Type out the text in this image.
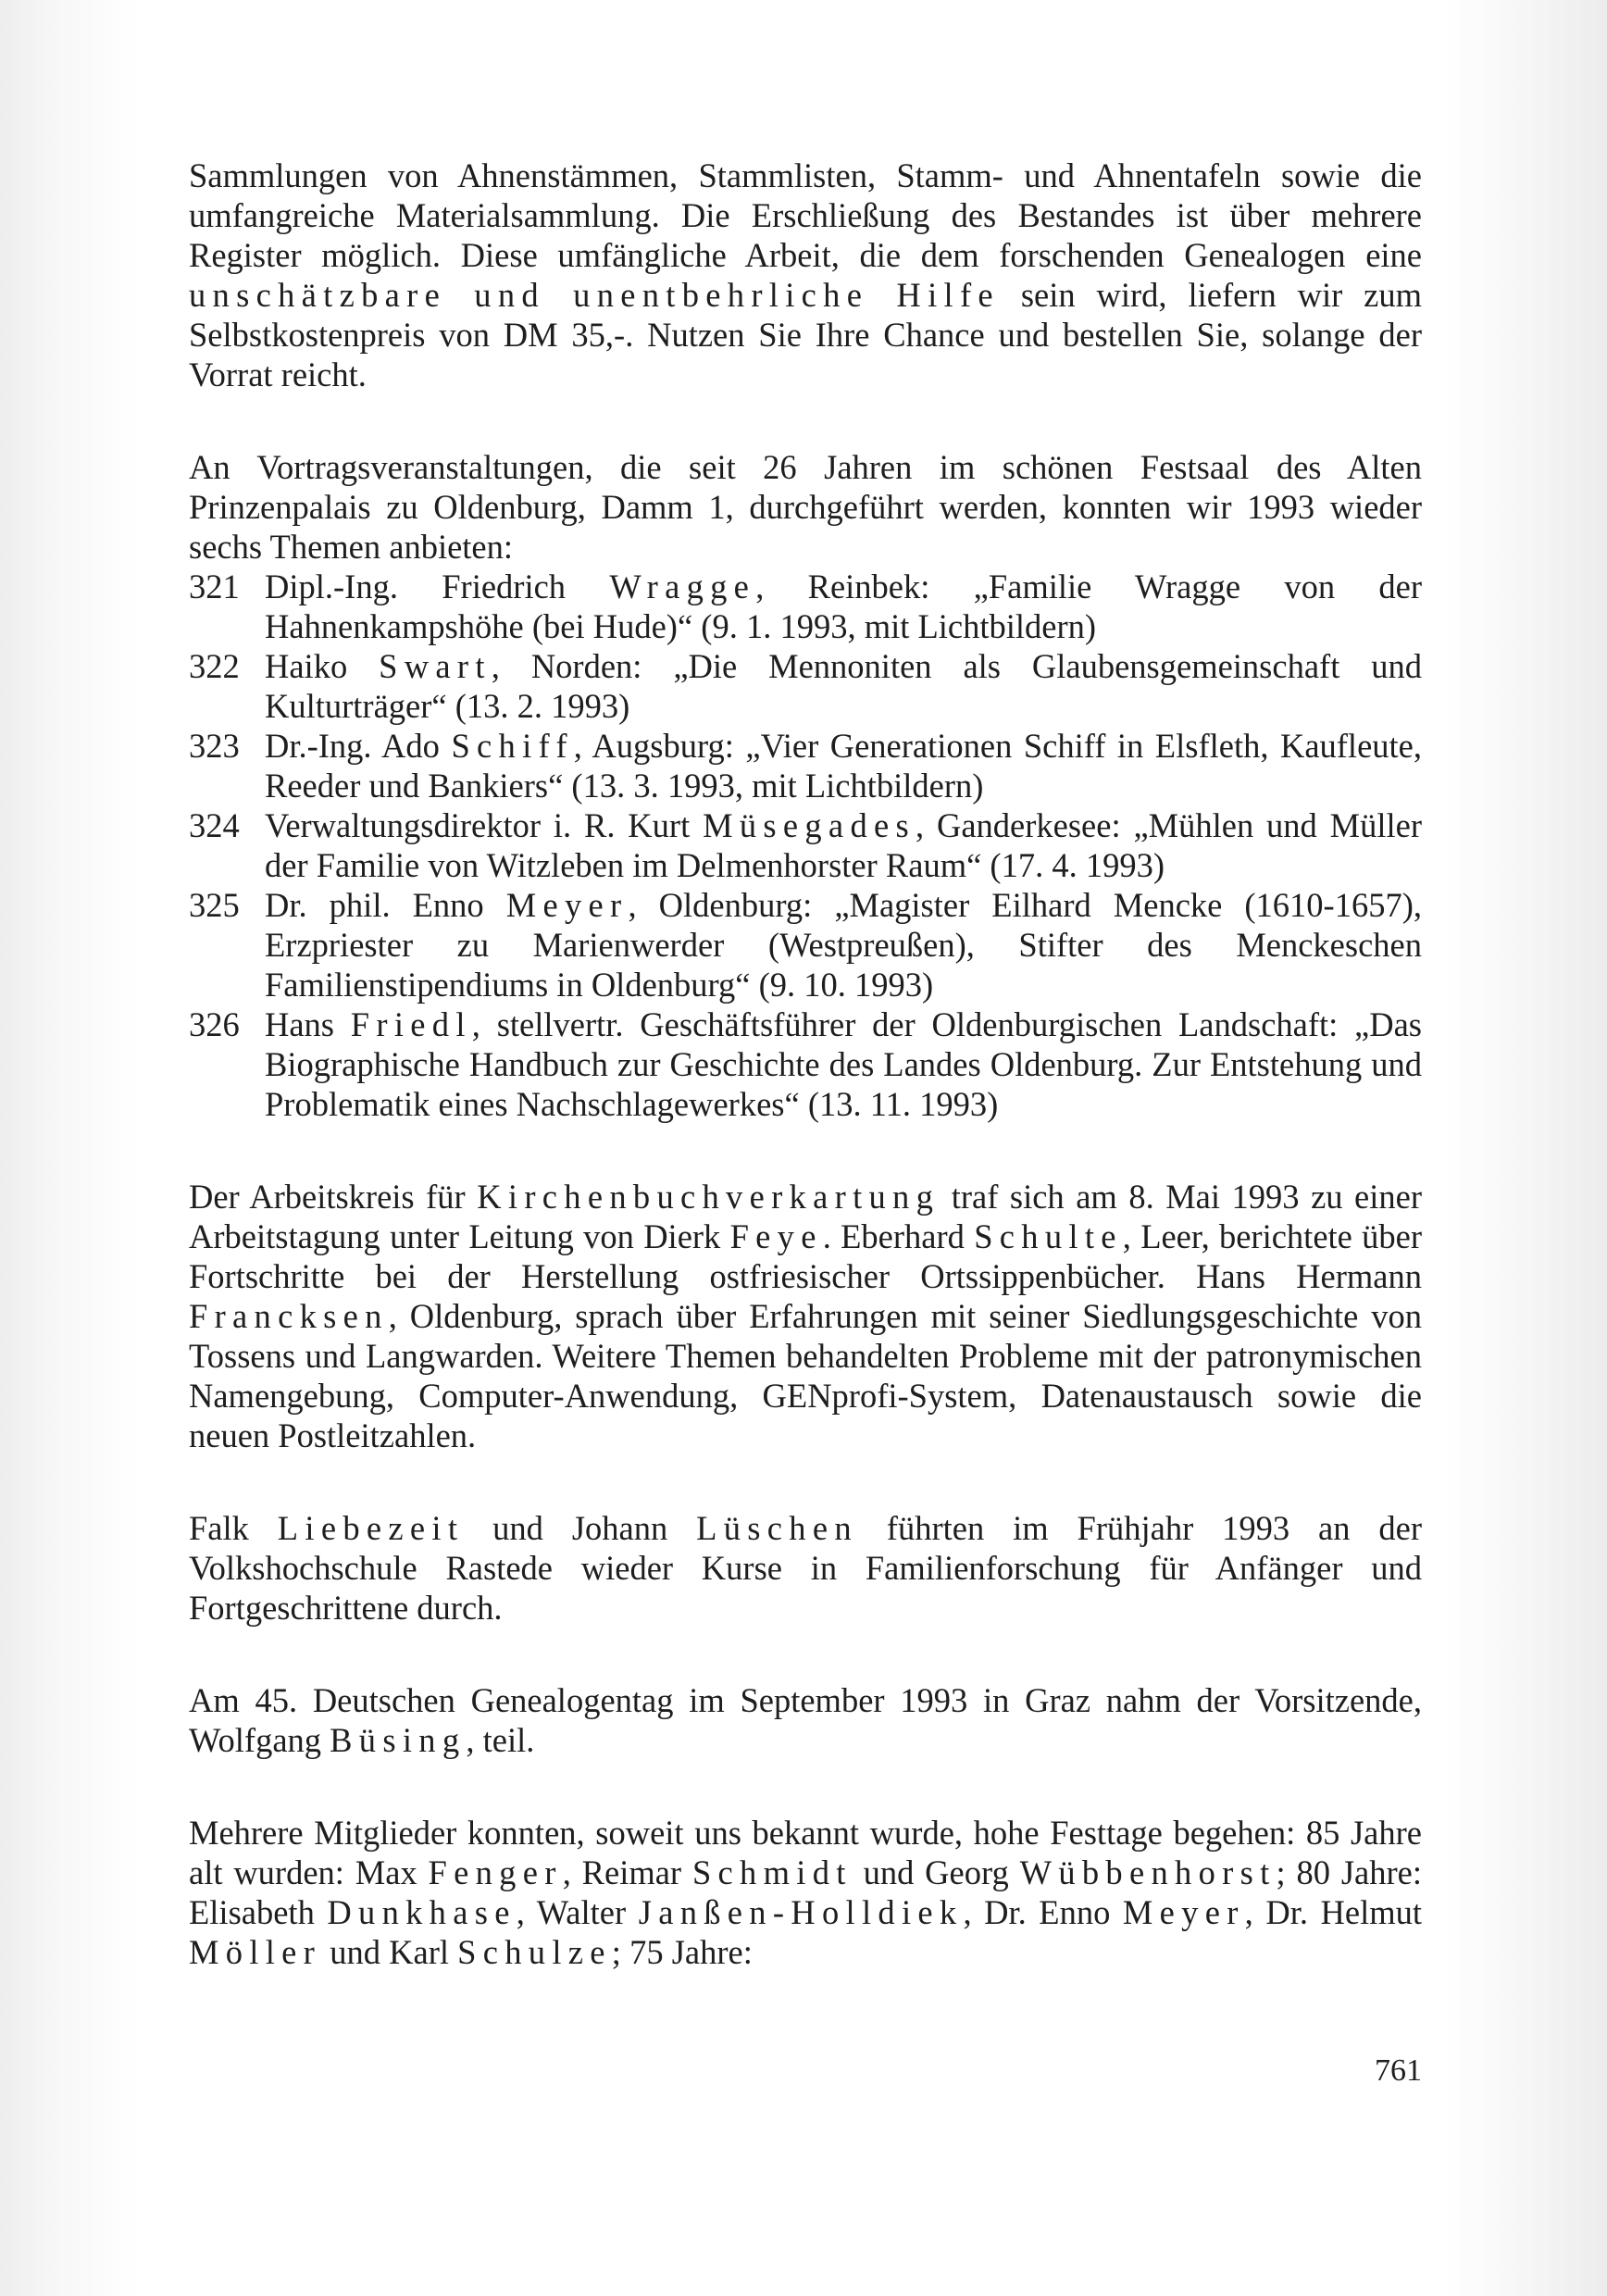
Sammlungen von Ahnenstämmen, Stammlisten, Stamm- und Ahnentafeln sowie die umfangreiche Materialsammlung. Die Erschließung des Bestandes ist über mehrere Register möglich. Diese umfängliche Arbeit, die dem forschenden Genealogen eine unschätzbare und unentbehrliche Hilfe sein wird, liefern wir zum Selbstkostenpreis von DM 35,-. Nutzen Sie Ihre Chance und bestellen Sie, solange der Vorrat reicht.

An Vortragsveranstaltungen, die seit 26 Jahren im schönen Festsaal des Alten Prinzenpalais zu Oldenburg, Damm 1, durchgeführt werden, konnten wir 1993 wieder sechs Themen anbieten:

321 Dipl.-Ing. Friedrich Wragge, Reinbek: „Familie Wragge von der Hahnenkampshöhe (bei Hude)“ (9. 1. 1993, mit Lichtbildern)
322 Haiko Swart, Norden: „Die Mennoniten als Glaubensgemeinschaft und Kulturträger“ (13. 2. 1993)
323 Dr.-Ing. Ado Schiff, Augsburg: „Vier Generationen Schiff in Elsfleth, Kaufleute, Reeder und Bankiers“ (13. 3. 1993, mit Lichtbildern)
324 Verwaltungsdirektor i. R. Kurt Müsegades, Ganderkesee: „Mühlen und Müller der Familie von Witzleben im Delmenhorster Raum“ (17. 4. 1993)
325 Dr. phil. Enno Meyer, Oldenburg: „Magister Eilhard Mencke (1610-1657), Erzpriester zu Marienwerder (Westpreußen), Stifter des Menckeschen Familienstipendiums in Oldenburg“ (9. 10. 1993)
326 Hans Friedl, stellvertr. Geschäftsführer der Oldenburgischen Landschaft: „Das Biographische Handbuch zur Geschichte des Landes Oldenburg. Zur Entstehung und Problematik eines Nachschlagewerkes“ (13. 11. 1993)

Der Arbeitskreis für Kirchenbuchverkartung traf sich am 8. Mai 1993 zu einer Arbeitstagung unter Leitung von Dierk Feye. Eberhard Schulte, Leer, berichtete über Fortschritte bei der Herstellung ostfriesischer Ortssippenbücher. Hans Hermann Francksen, Oldenburg, sprach über Erfahrungen mit seiner Siedlungsgeschichte von Tossens und Langwarden. Weitere Themen behandelten Probleme mit der patronymischen Namengebung, Computer-Anwendung, GENprofi-System, Datenaustausch sowie die neuen Postleitzahlen.

Falk Liebezeit und Johann Lüschen führten im Frühjahr 1993 an der Volkshochschule Rastede wieder Kurse in Familienforschung für Anfänger und Fortgeschrittene durch.

Am 45. Deutschen Genealogentag im September 1993 in Graz nahm der Vorsitzende, Wolfgang Büsing, teil.

Mehrere Mitglieder konnten, soweit uns bekannt wurde, hohe Festtage begehen: 85 Jahre alt wurden: Max Fenger, Reimar Schmidt und Georg Wübbenhorst; 80 Jahre: Elisabeth Dunkhase, Walter Janßen-Holldiek, Dr. Enno Meyer, Dr. Helmut Möller und Karl Schulze; 75 Jahre:

761
